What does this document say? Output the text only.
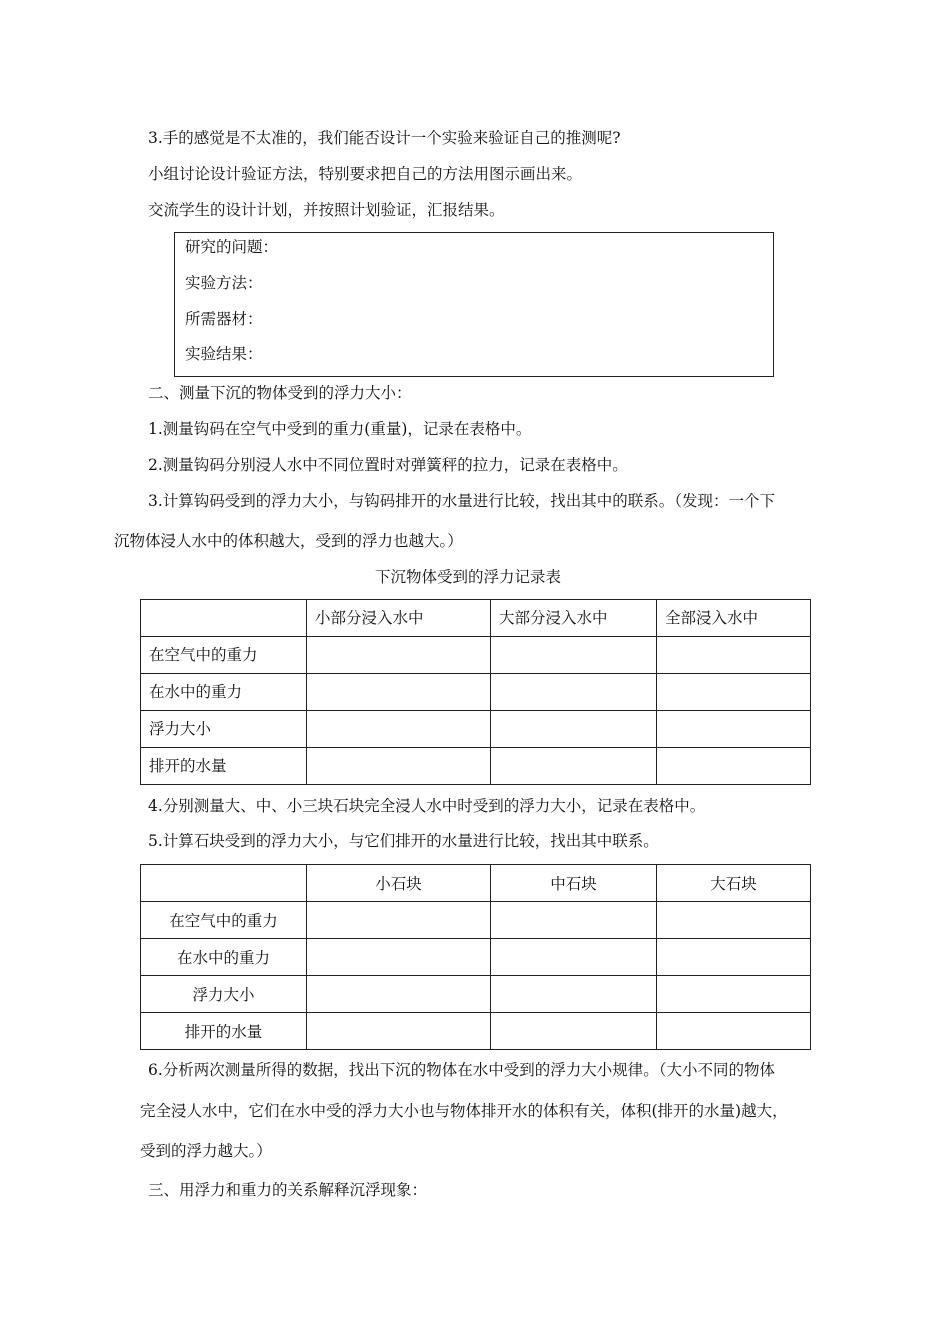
3.手的感觉是不太准的，我们能否设计一个实验来验证自己的推测呢?
小组讨论设计验证方法，特别要求把自己的方法用图示画出来。
交流学生的设计计划，并按照计划验证，汇报结果。
研究的问题：
实验方法：
所需器材：
实验结果：
二、测量下沉的物体受到的浮力大小：
1.测量钩码在空气中受到的重力(重量)，记录在表格中。
2.测量钩码分别浸人水中不同位置时对弹簧秤的拉力，记录在表格中。
3.计算钩码受到的浮力大小，与钩码排开的水量进行比较，找出其中的联系。（发现：一个下
沉物体浸人水中的体积越大，受到的浮力也越大。）
下沉物体受到的浮力记录表
	小部分浸入水中	大部分浸入水中	全部浸入水中
在空气中的重力			
在水中的重力			
浮力大小			
排开的水量			
4.分别测量大、中、小三块石块完全浸人水中时受到的浮力大小，记录在表格中。
5.计算石块受到的浮力大小，与它们排开的水量进行比较，找出其中联系。
	小石块	中石块	大石块
在空气中的重力			
在水中的重力			
浮力大小			
排开的水量			
6.分析两次测量所得的数据，找出下沉的物体在水中受到的浮力大小规律。（大小不同的物体
完全浸人水中，它们在水中受的浮力大小也与物体排开水的体积有关，体积(排开的水量)越大，
受到的浮力越大。）
三、用浮力和重力的关系解释沉浮现象：
